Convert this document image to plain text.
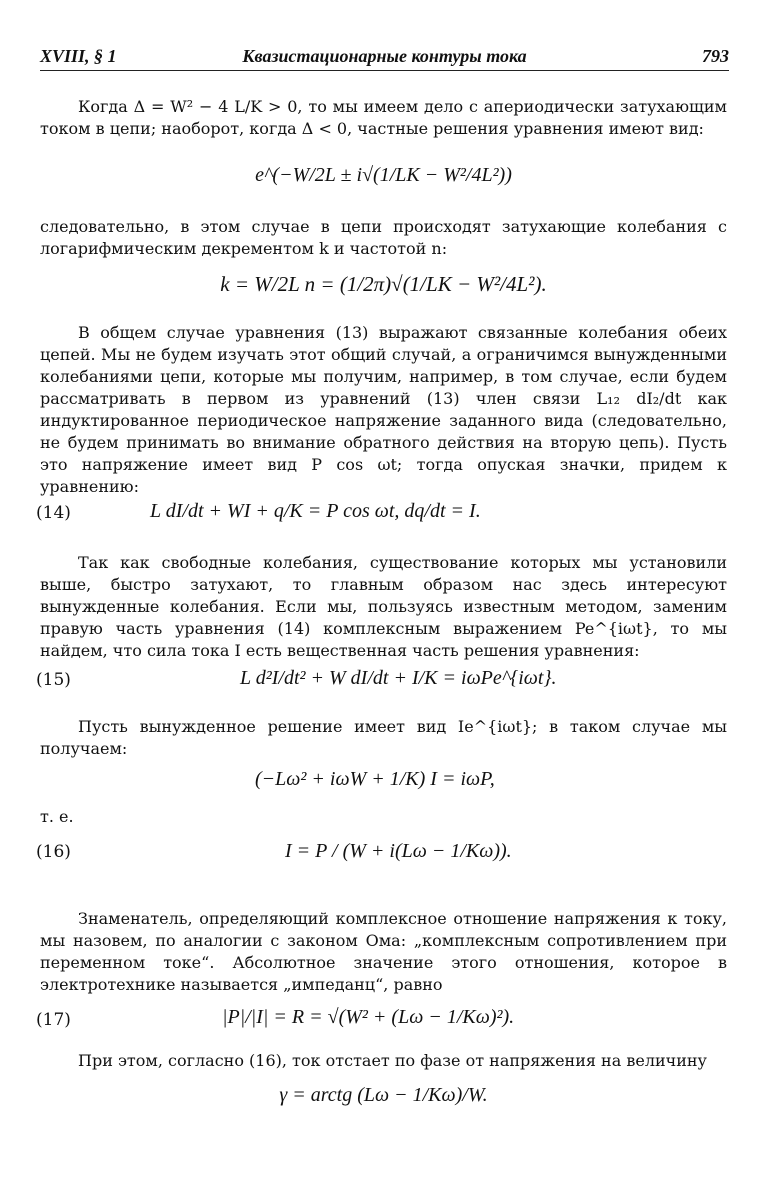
XVIII, § 1	Квазистационарные контуры тока	793
Когда Δ = W² − 4 L/K > 0, то мы имеем дело с апериодически затухающим током в цепи; наоборот, когда Δ < 0, частные решения уравнения имеют вид:
e^(−W/2L ± i√(1/LK − W²/4L²))
следовательно, в этом случае в цепи происходят затухающие колебания с логарифмическим декрементом k и частотой n:
k = W/2L n = (1/2π)√(1/LK − W²/4L²).
В общем случае уравнения (13) выражают связанные колебания обеих цепей. Мы не будем изучать этот общий случай, а ограничимся вынужденными колебаниями цепи, которые мы получим, например, в том случае, если будем рассматривать в первом из уравнений (13) член связи L₁₂ dI₂/dt как индуктированное периодическое напряжение заданного вида (следовательно, не будем принимать во внимание обратного действия на вторую цепь). Пусть это напряжение имеет вид P cos ωt; тогда опуская значки, придем к уравнению:
(14)	L dI/dt + WI + q/K = P cos ωt, dq/dt = I.
Так как свободные колебания, существование которых мы установили выше, быстро затухают, то главным образом нас здесь интересуют вынужденные колебания. Если мы, пользуясь известным методом, заменим правую часть уравнения (14) комплексным выражением Pe^{iωt}, то мы найдем, что сила тока I есть вещественная часть решения уравнения:
(15)	L d²I/dt² + W dI/dt + I/K = iωPe^{iωt}.
Пусть вынужденное решение имеет вид Ie^{iωt}; в таком случае мы получаем:
(−Lω² + iωW + 1/K) I = iωP,
т. е.
(16)	I = P / (W + i(Lω − 1/Kω)).
Знаменатель, определяющий комплексное отношение напряжения к току, мы назовем, по аналогии с законом Ома: „комплексным сопротивлением при переменном токе“. Абсолютное значение этого отношения, которое в электротехнике называется „импеданц“, равно
(17)	|P|/|I| = R = √(W² + (Lω − 1/Kω)²).
При этом, согласно (16), ток отстает по фазе от напряжения на величину
γ = arctg (Lω − 1/Kω)/W.
